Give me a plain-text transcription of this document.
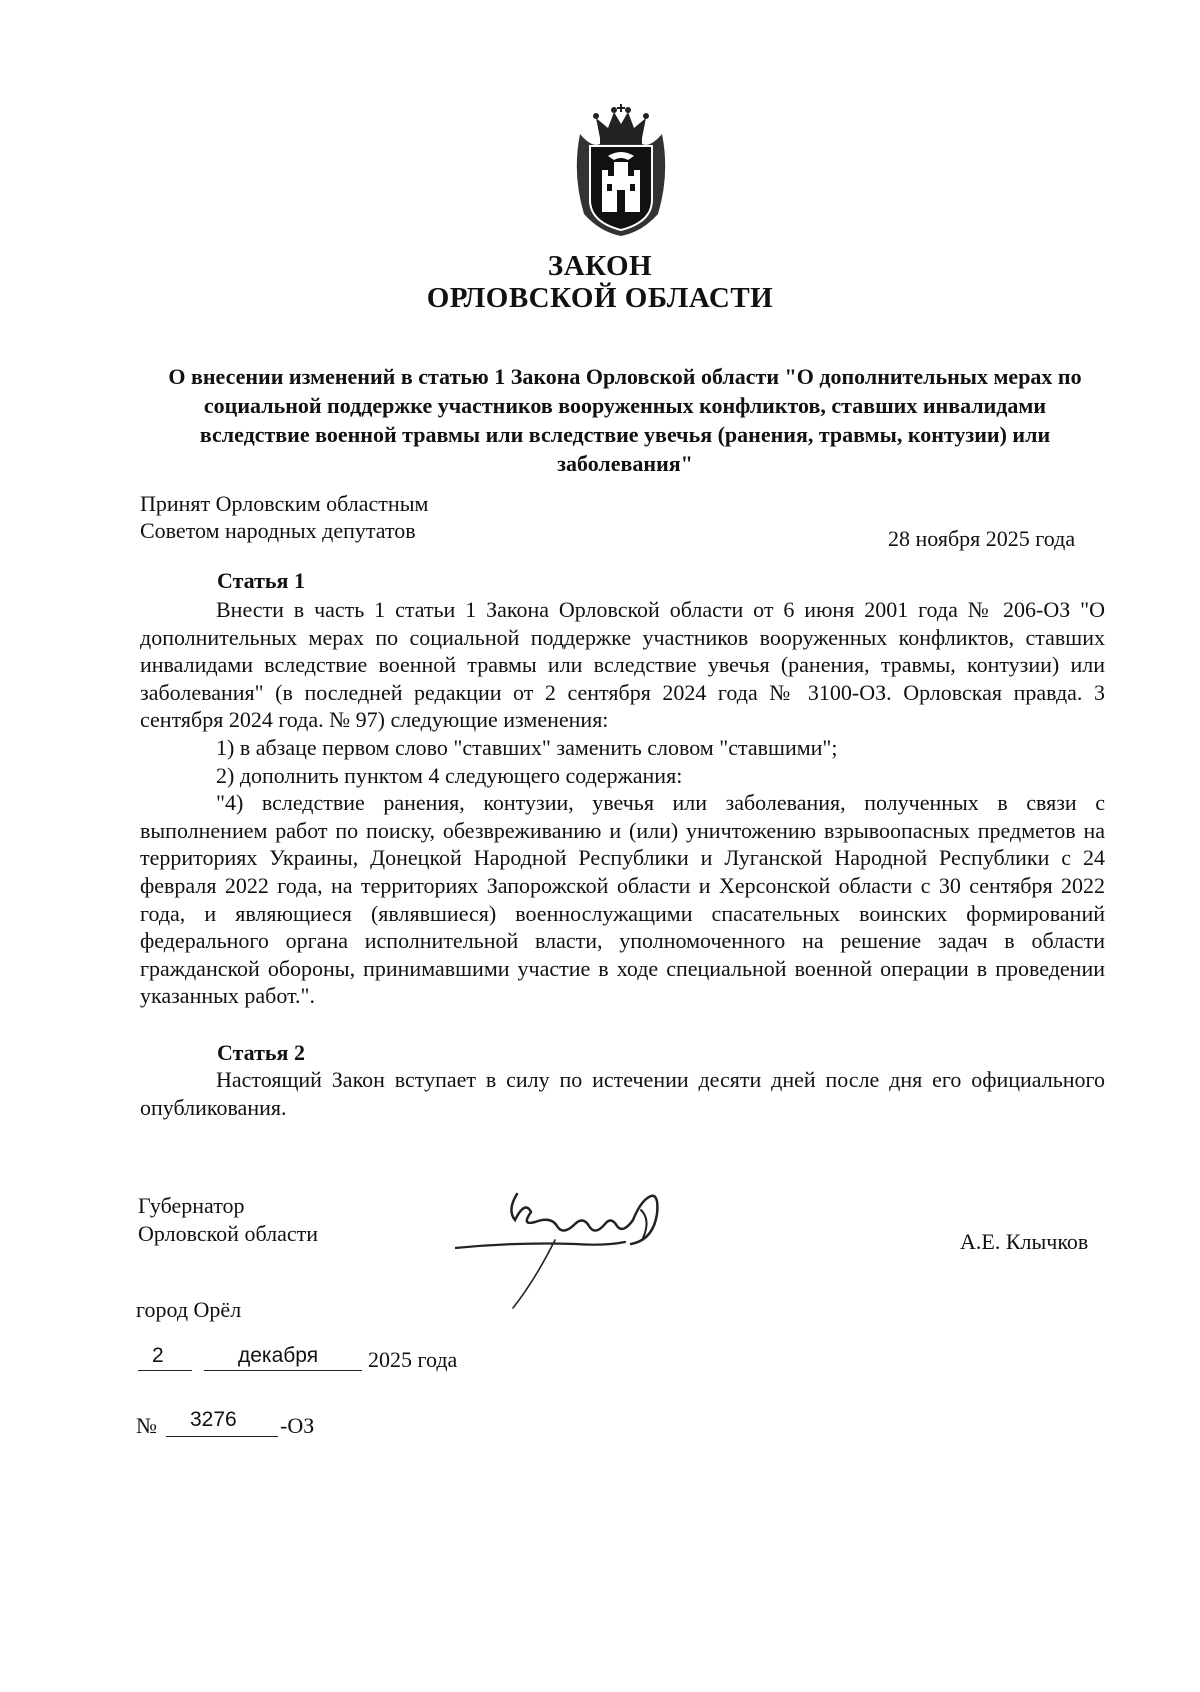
ЗАКОН
ОРЛОВСКОЙ ОБЛАСТИ
О внесении изменений в статью 1 Закона Орловской области "О дополнительных мерах по социальной поддержке участников вооруженных конфликтов, ставших инвалидами вследствие военной травмы или вследствие увечья (ранения, травмы, контузии) или заболевания"
Принят Орловским областным
Советом народных депутатов	28 ноября 2025 года
Статья 1

Внести в часть 1 статьи 1 Закона Орловской области от 6 июня 2001 года № 206-ОЗ "О дополнительных мерах по социальной поддержке участников вооруженных конфликтов, ставших инвалидами вследствие военной травмы или вследствие увечья (ранения, травмы, контузии) или заболевания" (в последней редакции от 2 сентября 2024 года № 3100-ОЗ. Орловская правда. 3 сентября 2024 года. № 97) следующие изменения:

1) в абзаце первом слово "ставших" заменить словом "ставшими";

2) дополнить пунктом 4 следующего содержания:

"4) вследствие ранения, контузии, увечья или заболевания, полученных в связи с выполнением работ по поиску, обезвреживанию и (или) уничтожению взрывоопасных предметов на территориях Украины, Донецкой Народной Республики и Луганской Народной Республики с 24 февраля 2022 года, на территориях Запорожской области и Херсонской области с 30 сентября 2022 года, и являющиеся (являвшиеся) военнослужащими спасательных воинских формирований федерального органа исполнительной власти, уполномоченного на решение задач в области гражданской обороны, принимавшими участие в ходе специальной военной операции в проведении указанных работ.".

Статья 2

Настоящий Закон вступает в силу по истечении десяти дней после дня его официального опубликования.

Губернатор
Орловской области	А.Е. Клычков
город Орёл
2	декабря 2025 года
№ 3276 -ОЗ
